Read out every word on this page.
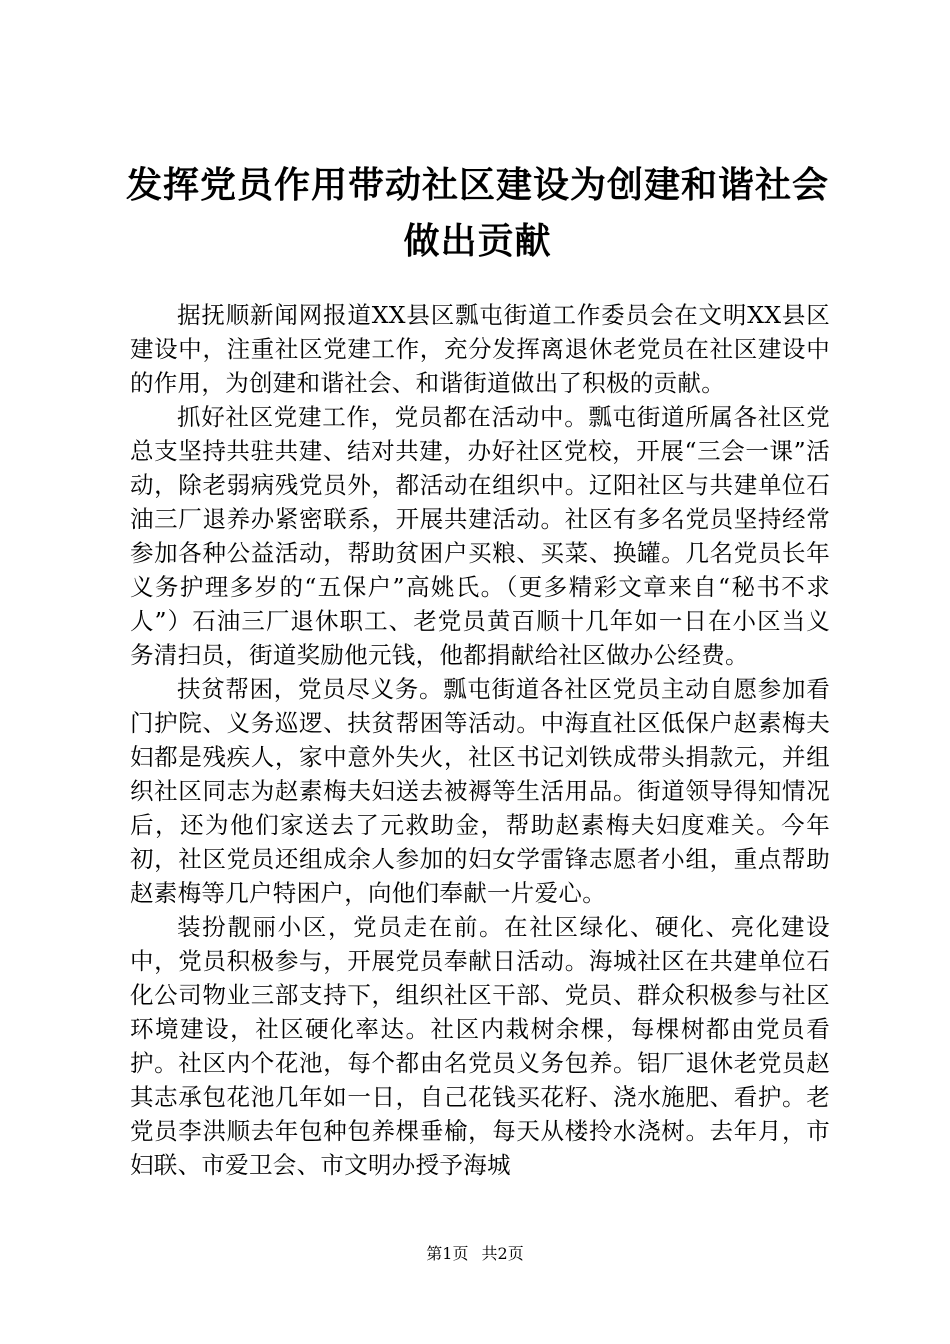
发挥党员作用带动社区建设为创建和谐社会做出贡献

据抚顺新闻网报道XX县区瓢屯街道工作委员会在文明XX县区建设中，注重社区党建工作，充分发挥离退休老党员在社区建设中的作用，为创建和谐社会、和谐街道做出了积极的贡献。

抓好社区党建工作，党员都在活动中。瓢屯街道所属各社区党总支坚持共驻共建、结对共建，办好社区党校，开展“三会一课”活动，除老弱病残党员外，都活动在组织中。辽阳社区与共建单位石油三厂退养办紧密联系，开展共建活动。社区有多名党员坚持经常参加各种公益活动，帮助贫困户买粮、买菜、换罐。几名党员长年义务护理多岁的“五保户”高姚氏。（更多精彩文章来自“秘书不求人”）石油三厂退休职工、老党员黄百顺十几年如一日在小区当义务清扫员，街道奖励他元钱，他都捐献给社区做办公经费。

扶贫帮困，党员尽义务。瓢屯街道各社区党员主动自愿参加看门护院、义务巡逻、扶贫帮困等活动。中海直社区低保户赵素梅夫妇都是残疾人，家中意外失火，社区书记刘铁成带头捐款元，并组织社区同志为赵素梅夫妇送去被褥等生活用品。街道领导得知情况后，还为他们家送去了元救助金，帮助赵素梅夫妇度难关。今年初，社区党员还组成余人参加的妇女学雷锋志愿者小组，重点帮助赵素梅等几户特困户，向他们奉献一片爱心。

装扮靓丽小区，党员走在前。在社区绿化、硬化、亮化建设中，党员积极参与，开展党员奉献日活动。海城社区在共建单位石化公司物业三部支持下，组织社区干部、党员、群众积极参与社区环境建设，社区硬化率达。社区内栽树余棵，每棵树都由党员看护。社区内个花池，每个都由名党员义务包养。铝厂退休老党员赵其志承包花池几年如一日，自己花钱买花籽、浇水施肥、看护。老党员李洪顺去年包种包养棵垂榆，每天从楼拎水浇树。去年月，市妇联、市爱卫会、市文明办授予海城

第1页 共2页
